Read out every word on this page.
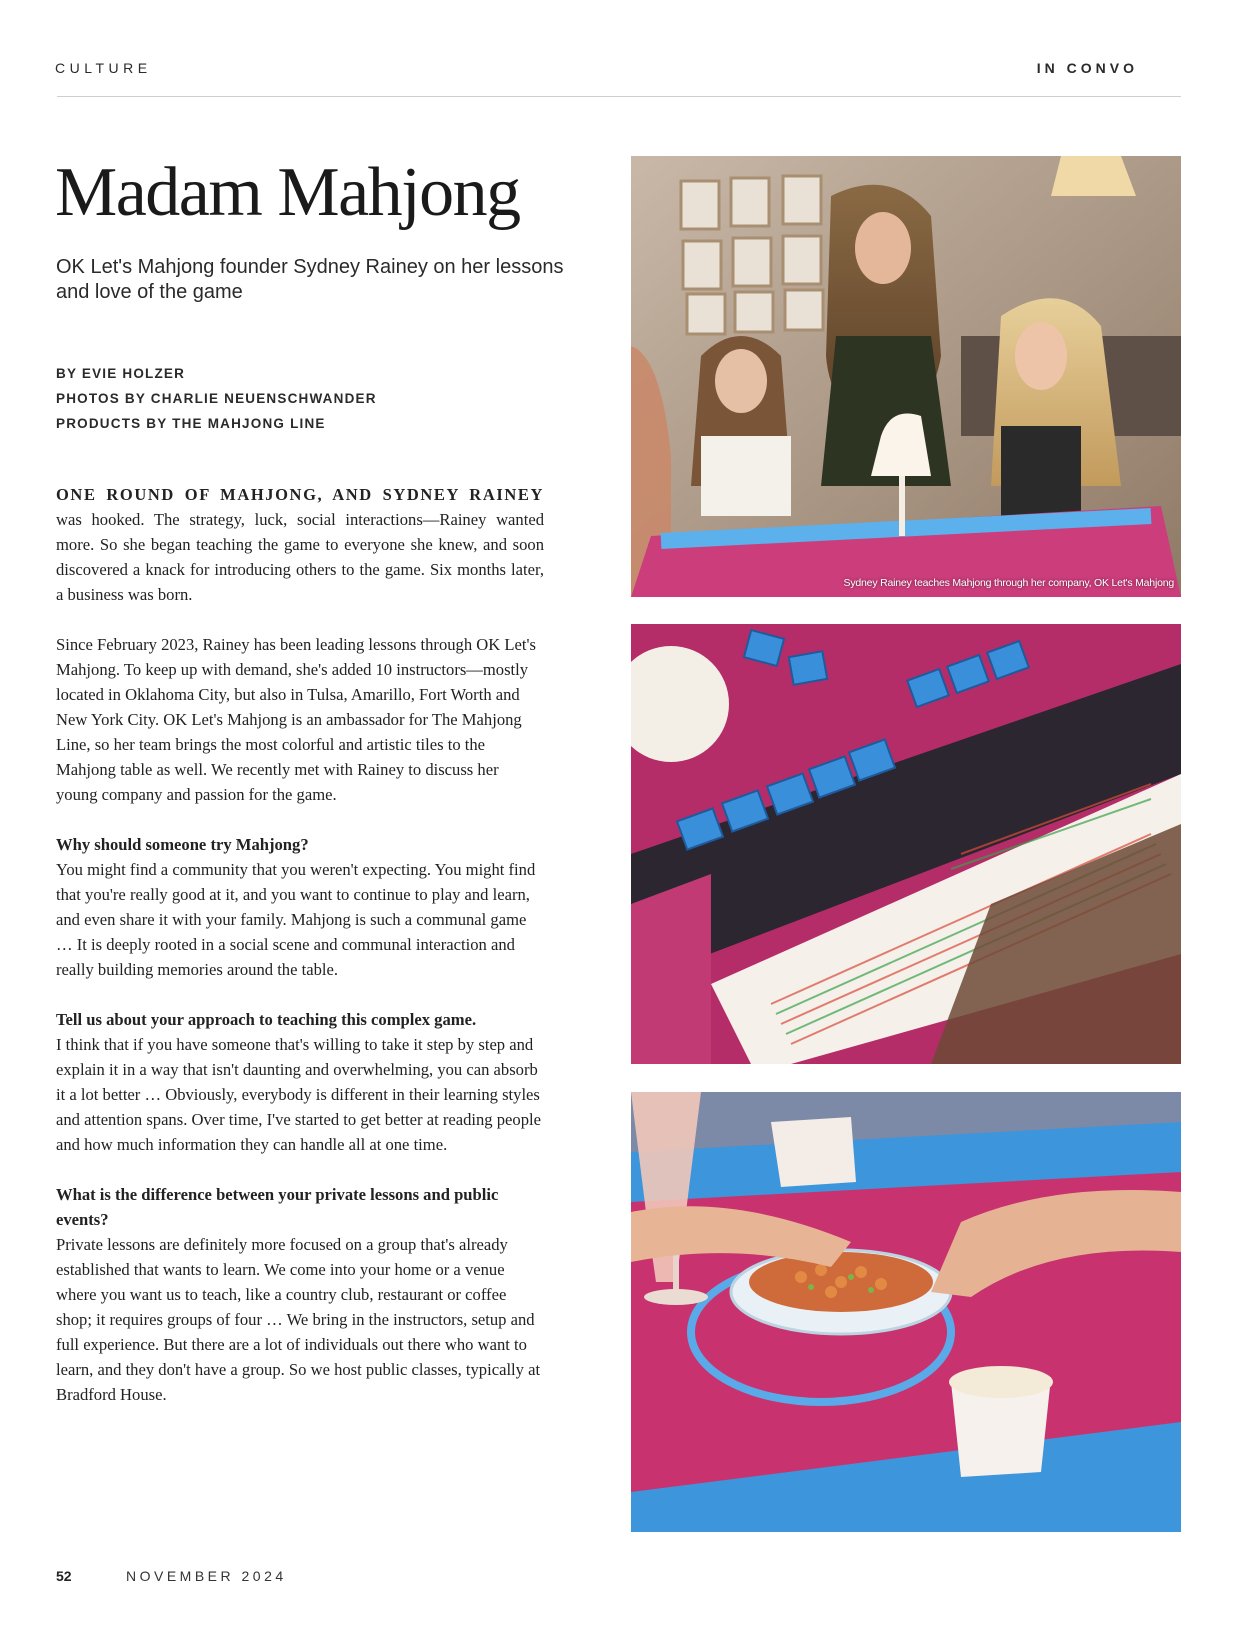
CULTURE	IN CONVO
Madam Mahjong

OK Let's Mahjong founder Sydney Rainey on her lessons and love of the game

BY EVIE HOLZER
PHOTOS BY CHARLIE NEUENSCHWANDER
PRODUCTS BY THE MAHJONG LINE

ONE ROUND OF MAHJONG, AND SYDNEY RAINEY was hooked. The strategy, luck, social interactions—Rainey wanted more. So she began teaching the game to everyone she knew, and soon discovered a knack for introducing others to the game. Six months later, a business was born.

Since February 2023, Rainey has been leading lessons through OK Let's Mahjong. To keep up with demand, she's added 10 instructors—mostly located in Oklahoma City, but also in Tulsa, Amarillo, Fort Worth and New York City. OK Let's Mahjong is an ambassador for The Mahjong Line, so her team brings the most colorful and artistic tiles to the Mahjong table as well. We recently met with Rainey to discuss her young company and passion for the game.

Why should someone try Mahjong?
You might find a community that you weren't expecting. You might find that you're really good at it, and you want to continue to play and learn, and even share it with your family. Mahjong is such a communal game … It is deeply rooted in a social scene and communal interaction and really building memories around the table.

Tell us about your approach to teaching this complex game.
I think that if you have someone that's willing to take it step by step and explain it in a way that isn't daunting and overwhelming, you can absorb it a lot better … Obviously, everybody is different in their learning styles and attention spans. Over time, I've started to get better at reading people and how much information they can handle all at one time.

What is the difference between your private lessons and public events?
Private lessons are definitely more focused on a group that's already established that wants to learn. We come into your home or a venue where you want us to teach, like a country club, restaurant or coffee shop; it requires groups of four … We bring in the instructors, setup and full experience. But there are a lot of individuals out there who want to learn, and they don't have a group. So we host public classes, typically at Bradford House.

Sydney Rainey teaches Mahjong through her company, OK Let's Mahjong
52	NOVEMBER 2024
